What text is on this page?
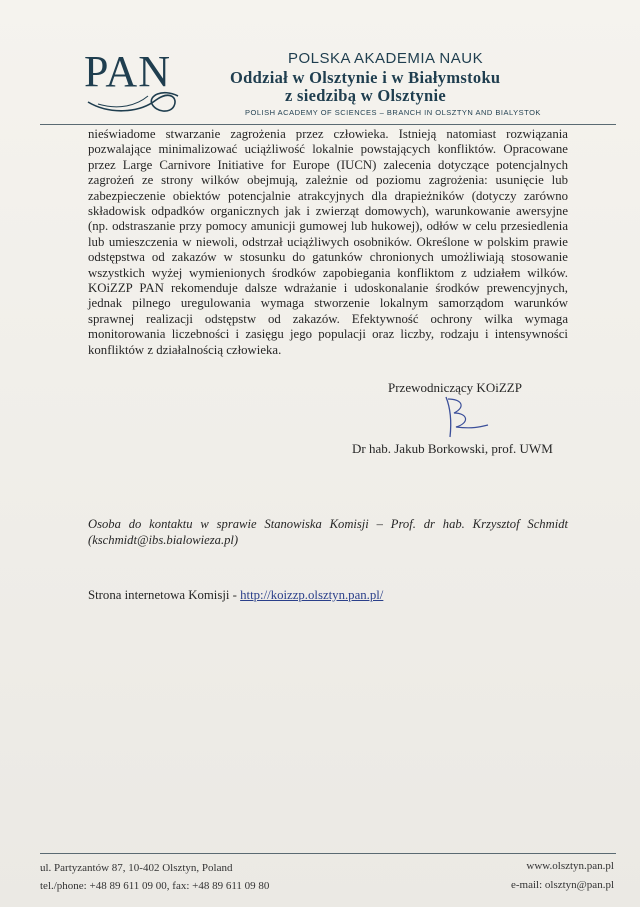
PAN	POLSKA AKADEMIA NAUK
Oddział w Olsztynie i w Białymstoku
z siedzibą w Olsztynie
POLISH ACADEMY OF SCIENCES – BRANCH IN OLSZTYN AND BIALYSTOK

nieświadome stwarzanie zagrożenia przez człowieka. Istnieją natomiast rozwiązania pozwalające minimalizować uciążliwość lokalnie powstających konfliktów. Opracowane przez Large Carnivore Initiative for Europe (IUCN) zalecenia dotyczące potencjalnych zagrożeń ze strony wilków obejmują, zależnie od poziomu zagrożenia: usunięcie lub zabezpieczenie obiektów potencjalnie atrakcyjnych dla drapieżników (dotyczy zarówno składowisk odpadków organicznych jak i zwierząt domowych), warunkowanie awersyjne (np. odstraszanie przy pomocy amunicji gumowej lub hukowej), odłów w celu przesiedlenia lub umieszczenia w niewoli, odstrzał uciążliwych osobników. Określone w polskim prawie odstępstwa od zakazów w stosunku do gatunków chronionych umożliwiają stosowanie wszystkich wyżej wymienionych środków zapobiegania konfliktom z udziałem wilków. KOiZZP PAN rekomenduje dalsze wdrażanie i udoskonalanie środków prewencyjnych, jednak pilnego uregulowania wymaga stworzenie lokalnym samorządom warunków sprawnej realizacji odstępstw od zakazów. Efektywność ochrony wilka wymaga monitorowania liczebności i zasięgu jego populacji oraz liczby, rodzaju i intensywności konfliktów z działalnością człowieka.

Przewodniczący KOiZZP
Dr hab. Jakub Borkowski, prof. UWM
Osoba do kontaktu w sprawie Stanowiska Komisji – Prof. dr hab. Krzysztof Schmidt (kschmidt@ibs.bialowieza.pl)
Strona internetowa Komisji - http://koizzp.olsztyn.pan.pl/
ul. Partyzantów 87, 10-402 Olsztyn, Poland
tel./phone: +48 89 611 09 00, fax: +48 89 611 09 80
www.olsztyn.pan.pl
e-mail: olsztyn@pan.pl
